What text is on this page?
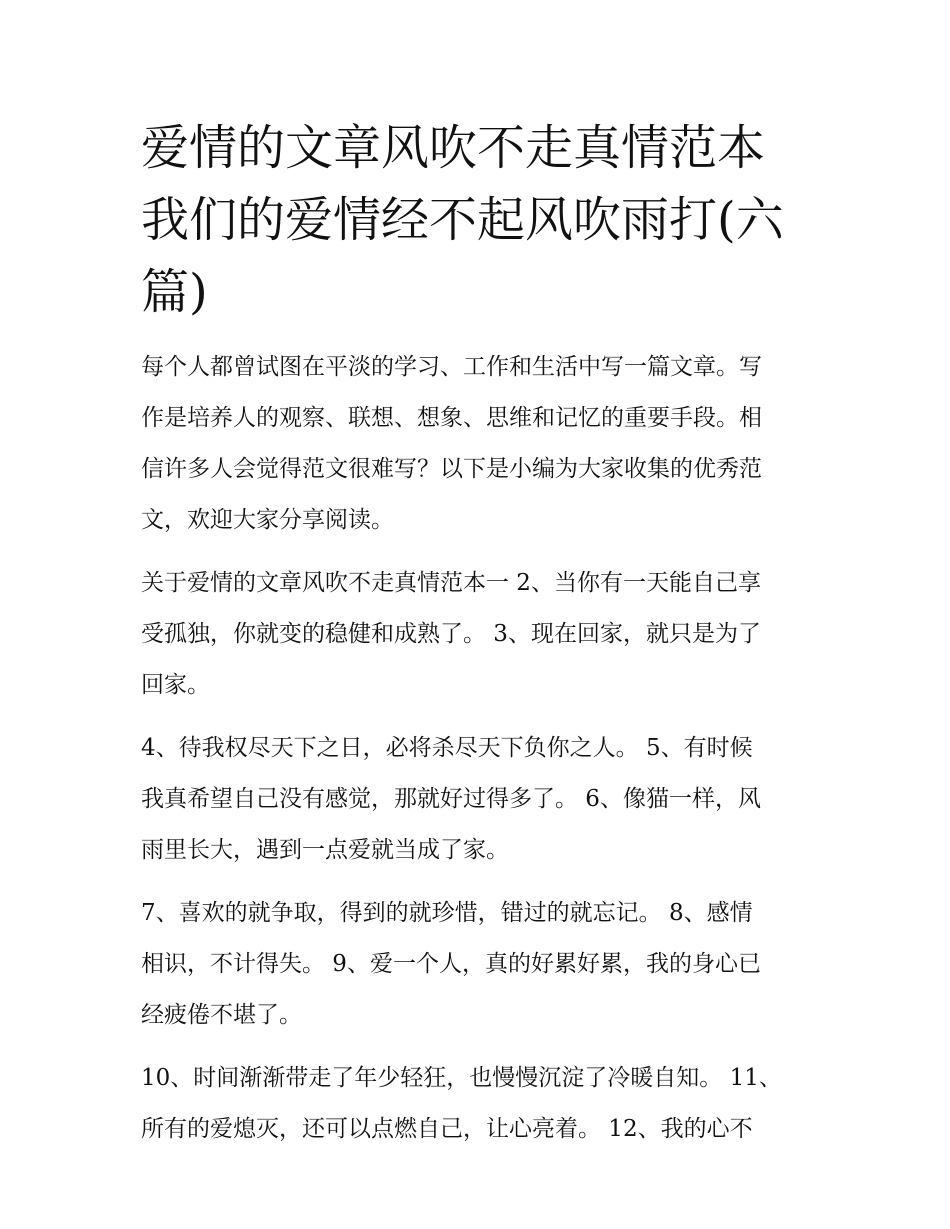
爱情的文章风吹不走真情范本
我们的爱情经不起风吹雨打(六
篇)

每个人都曾试图在平淡的学习、工作和生活中写一篇文章。写
作是培养人的观察、联想、想象、思维和记忆的重要手段。相
信许多人会觉得范文很难写？以下是小编为大家收集的优秀范
文，欢迎大家分享阅读。

关于爱情的文章风吹不走真情范本一 2、当你有一天能自己享
受孤独，你就变的稳健和成熟了。 3、现在回家，就只是为了
回家。

4、待我权尽天下之日，必将杀尽天下负你之人。 5、有时候
我真希望自己没有感觉，那就好过得多了。 6、像猫一样，风
雨里长大，遇到一点爱就当成了家。

7、喜欢的就争取，得到的就珍惜，错过的就忘记。 8、感情
相识，不计得失。 9、爱一个人，真的好累好累，我的身心已
经疲倦不堪了。

10、时间渐渐带走了年少轻狂，也慢慢沉淀了冷暖自知。 11、
所有的爱熄灭，还可以点燃自己，让心亮着。 12、我的心不
